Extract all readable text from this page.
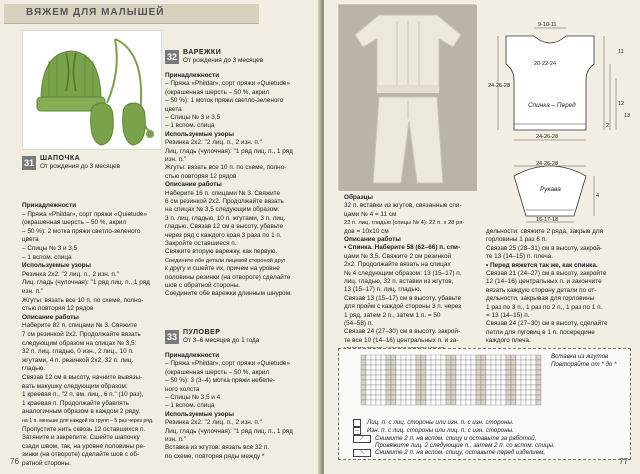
ВЯЖЕМ ДЛЯ МАЛЫШЕЙ
31 ШАПОЧКА
От рождения до 3 месяцев
Принадлежности
– Пряжа «Phildar», сорт пряжи «Quietude»
(окрашенная шерсть – 50 %, акрил
– 50 %): 2 мотка пряжи светло-зеленого
цвета
– Спицы № 3 и 3,5
– 1 вспом. спица
Используемые узоры
Резинка 2х2: "2 лиц. п., 2 изн. п."
Лиц. гладь (чулочная): "1 ряд лиц. п., 1 ряд
изн. п."
Жгуты: вязать все 10 п. по схеме, полно-
стью повторяя 12 рядов
Описание работы
Наберите 82 п. спицами № 3. Свяжите
7 см резинкой 2х2. Продолжайте вязать
следующим образом на спицах № 3,5:
32 п. лиц. гладью, 0 изн., 2 лиц., 10 п.
жгутами, 4 п. резинкой 2х2, 32 п. лиц.
гладью.
Связав 12 см в высоту, начните вывязы-
вать макушку следующим образом:
1 креевая п., "2 п. вм. лиц., 6 п." (10 раз),
1 краевая п. Продолжайте убавлять
аналогичным образом в каждом 2 ряду,
на 1 п. меньше для каждой из групп – 5 раз через ряд.
Пропустите нить сквозь 12 оставшихся п.
Затяните и закрепите. Сшейте шапочку
сзади швом, так, на уровне половины ре-
зинки (на отвороте) сделайте шов с об-
ратной стороны.
32 ВАРЕЖКИ
От рождения до 3 месяцев
Принадлежности
– Пряжа «Phildar», сорт пряжи «Quietude»
(окрашенная шерсть – 50 %, акрил
– 50 %): 1 моток пряжи светло-зеленого
цвета
– Спицы № 3 и 3,5
– 1 вспом. спица
Используемые узоры
Резинка 2х2: "2 лиц. п., 2 изн. п."
Лиц. гладь (чулочная): "1 ряд лиц. п., 1 ряд
изн. п."
Жгуты: вязать все 10 п. по схеме, полно-
стью повторяя 12 рядов
Описание работы
Наберите 16 п. спицами № 3. Свяжите
6 см резинкой 2х2. Продолжайте вязать
на спицах № 3,5 следующим образом:
3 п. лиц. гладью, 10 п. жгутами, 3 п. лиц.
гладью. Связав 12 см в высоту, убавьте
через ряд с каждого края 3 раза по 1 п.
Закройте оставшиеся п.
Свяжите вторую варежку, как первую.
Соедините обе детали лицевой стороной друг
к другу и сшейте их, причем на уровне
половины резинки (на отвороте) сделайте
шов с обратной стороны.
Соедините обе варежки длинным шнуром.
33 ПУЛОВЕР
От 3–6 месяцев до 1 года
Принадлежности
– Пряжа «Phildar», сорт пряжи «Quietude»
(окрашенная шерсть – 50 %, акрил
– 50 %): 3 (3–4) мотка пряжи небеле-
ного холста
– Спицы № 3,5 и 4
– 1 вспом. спица
Используемые узоры
Резинка 2х2: "2 лиц. п., 2 изн. п."
Лиц. гладь (чулочная): "1 ряд лиц. п., 1 ряд
изн. п."
Вставка из жгутов: вязать все 32 п.
по схеме, повторяя ряды между *
76
9-10-11
20-22-24
24-26-28
24-26-28
11
12
13
2
Спинка – Перед
24-26-28
16-17-18
4
Рукава
Образцы
32 п. вставки из жгутов, связанные спи-
цами № 4 = 11 см
22 п. лиц. гладью (спицы № 4): 22 п. х 28 ря-
дов = 10х10 см
Описание работы
• Спинка. Наберите 58 (62–66) п. спи-
цами № 3,5. Свяжите 2 см резинкой
2х2. Продолжайте вязать на спицах
№ 4 следующим образом: 13 (15–17) п.
лиц. гладью, 32 п. вставки из жгутов,
13 (15–17) п. лиц. гладью.
Связав 13 (15–17) см в высоту, убавьте
для пройм с каждой стороны 3 п. через
1 ряд, затем 2 п., затем 1 п. = 50
(54–58) п.
Связав 24 (27–30) см в высоту, закрой-
те все 10 (14–16) центральных п. и за-
дельности: свяжите 2 ряда, закрыв для
горловины 1 раз 6 п.
Связав 25 (28–31) см в высоту, закрой-
те 13 (14–15) п. плеча.
• Перед вяжется так же, как спинка.
Связав 21 (24–27) см в высоту, закройте
12 (14–16) центральных п. и закончите
вязать каждую сторону детали по от-
дельности, закрывая для горловины
1 раз по 3 п., 1 раз по 2 п., 1 раз по 1 п.
= 13 (14–15) п.
Связав 24 (27–30) см в высоту, сделайте
петли для пуговиц в 1 п. посередине
каждого плеча.
Вставка из жгутов
Повторяйте от * до *
Лиц. п. с лиц. стороны или изн. п. с изн. стороны.
–	Изн. п. с лиц. стороны или лиц. п. с изн. стороны.
⟋	Снимите 2 п. на вспом. спицу и оставьте за работой,
Провяжите лиц. 2 следующие п., затем 2 п. со вспом. спицы.
⟍	Снимите 2 п. на вспом. спицу, оставьте перед изделием,
77
